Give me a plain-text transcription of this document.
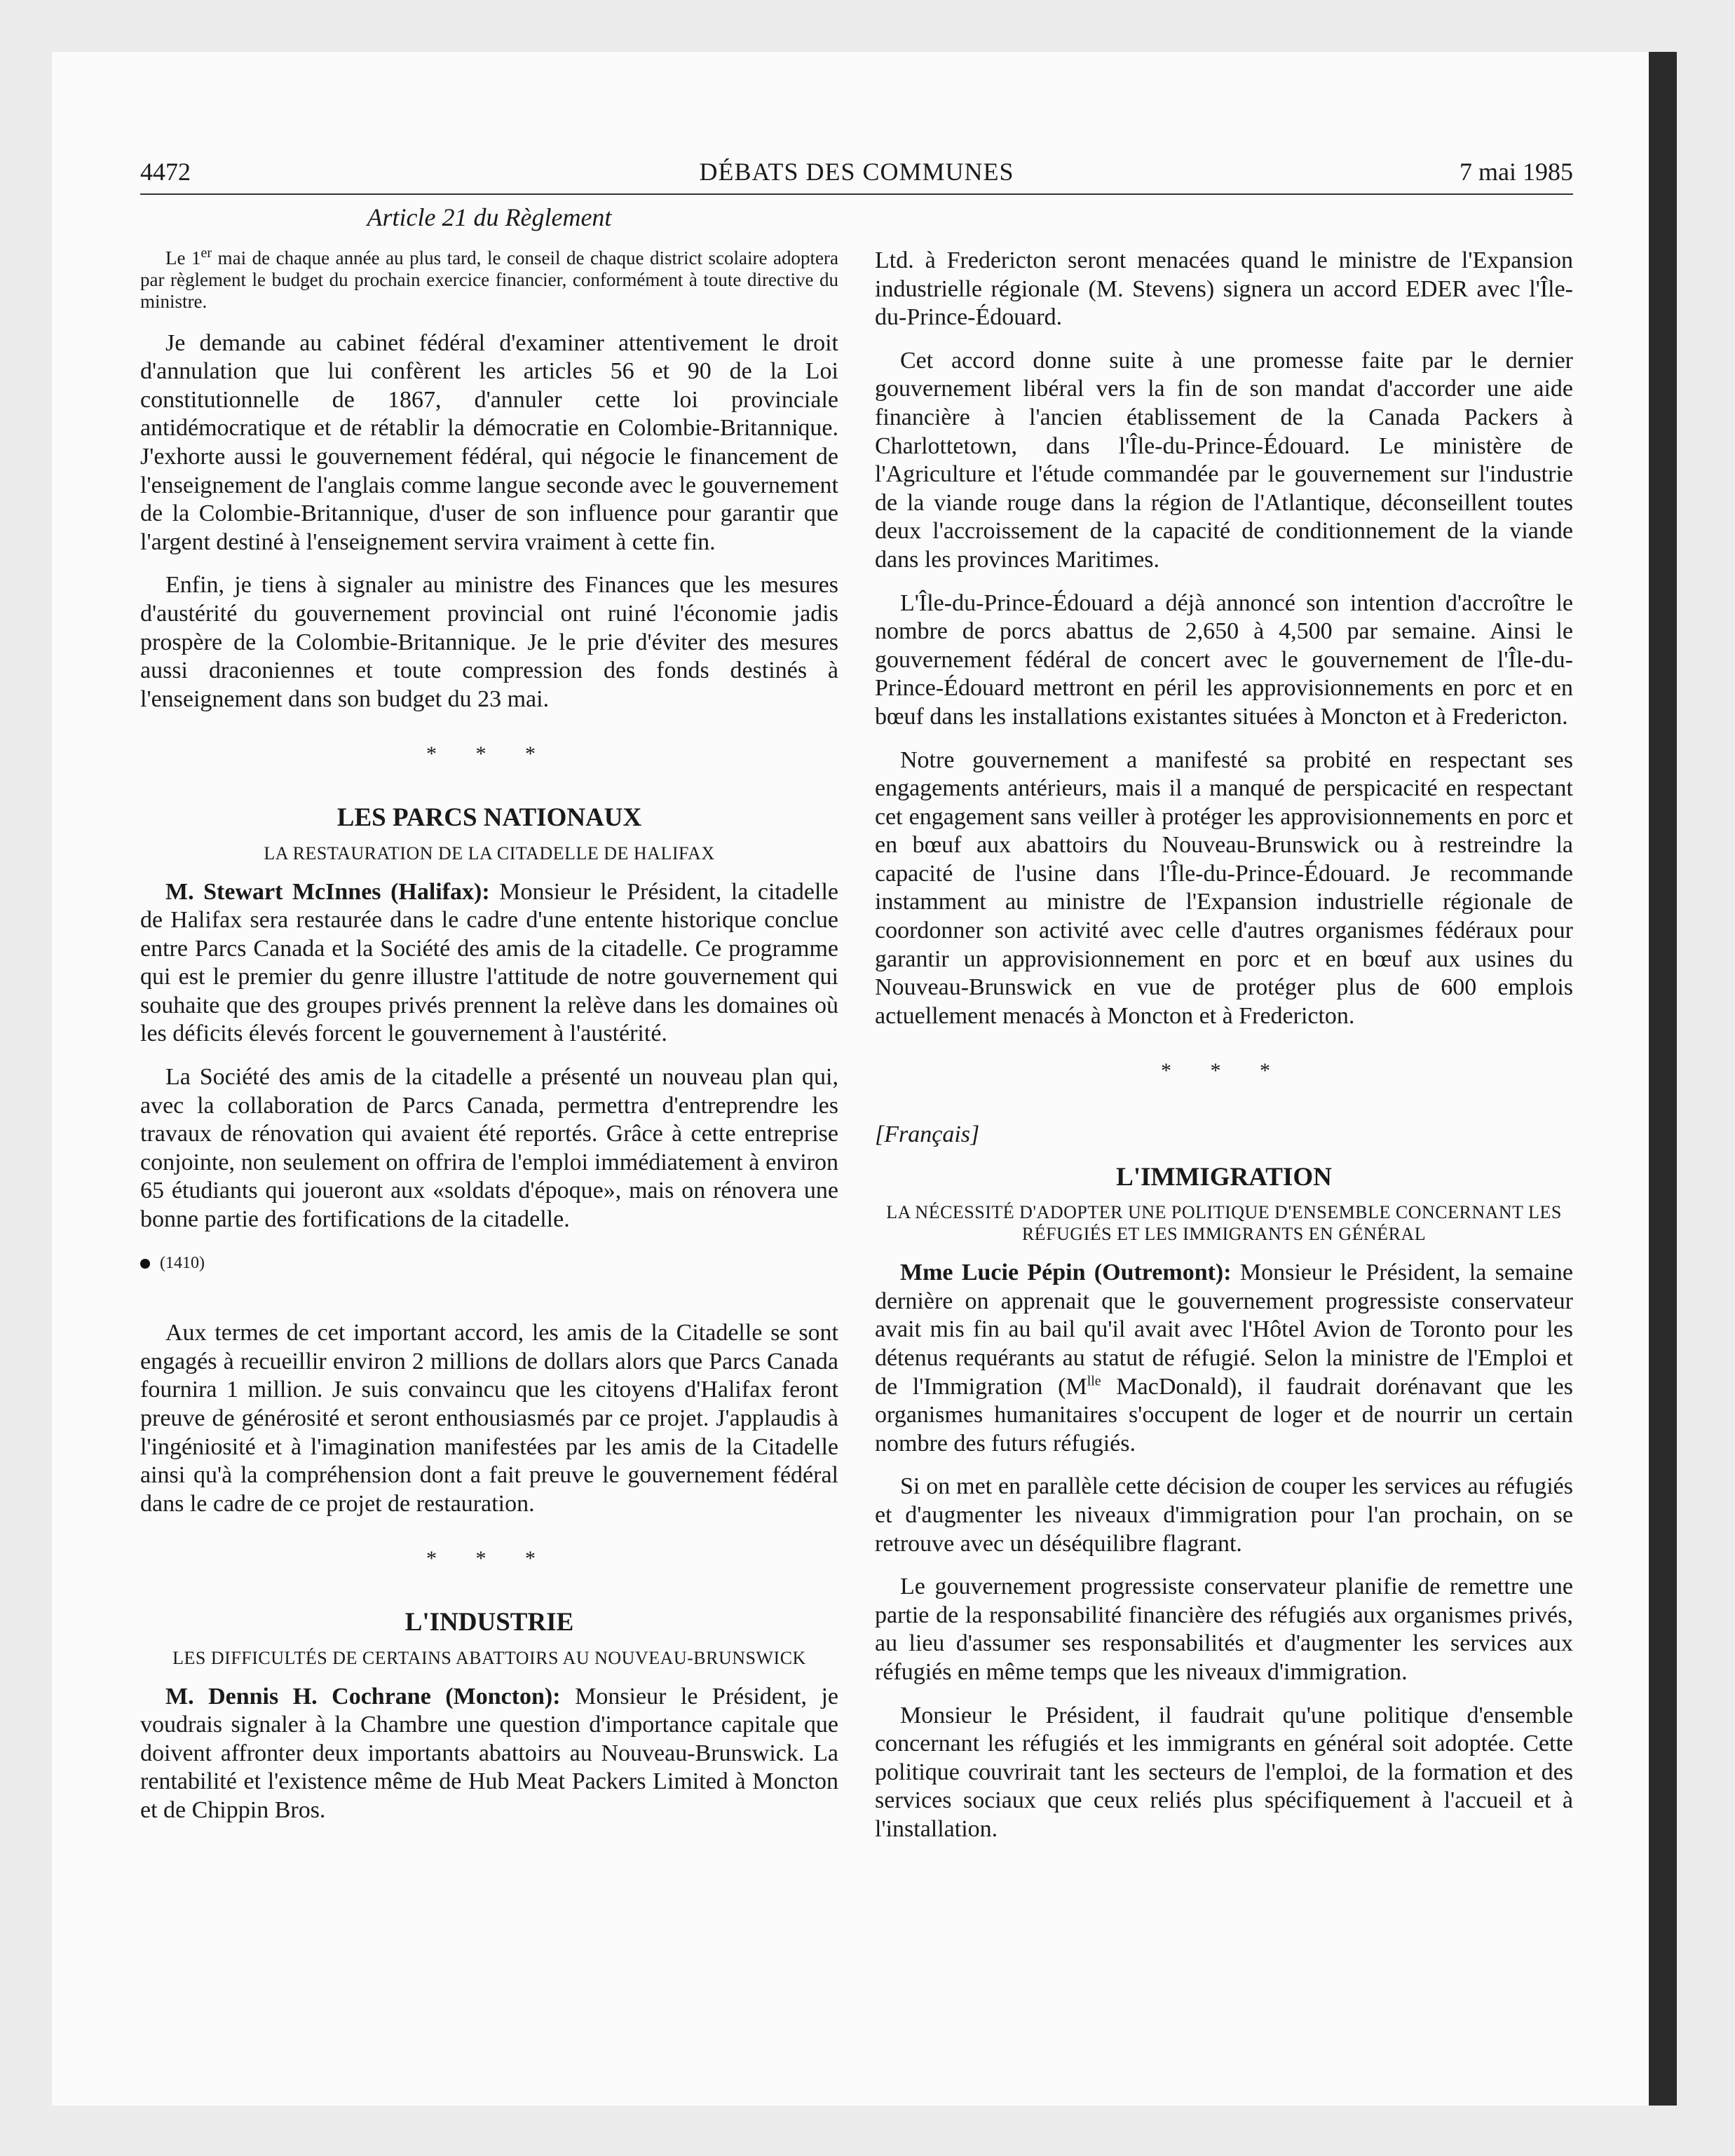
4472	DÉBATS DES COMMUNES	7 mai 1985
Article 21 du Règlement
Le 1er mai de chaque année au plus tard, le conseil de chaque district scolaire adoptera par règlement le budget du prochain exercice financier, conformément à toute directive du ministre.

Je demande au cabinet fédéral d'examiner attentivement le droit d'annulation que lui confèrent les articles 56 et 90 de la Loi constitutionnelle de 1867, d'annuler cette loi provinciale antidémocratique et de rétablir la démocratie en Colombie-Britannique. J'exhorte aussi le gouvernement fédéral, qui négocie le financement de l'enseignement de l'anglais comme langue seconde avec le gouvernement de la Colombie-Britannique, d'user de son influence pour garantir que l'argent destiné à l'enseignement servira vraiment à cette fin.

Enfin, je tiens à signaler au ministre des Finances que les mesures d'austérité du gouvernement provincial ont ruiné l'économie jadis prospère de la Colombie-Britannique. Je le prie d'éviter des mesures aussi draconiennes et toute compression des fonds destinés à l'enseignement dans son budget du 23 mai.

* * *
LES PARCS NATIONAUX
LA RESTAURATION DE LA CITADELLE DE HALIFAX

M. Stewart McInnes (Halifax): Monsieur le Président, la citadelle de Halifax sera restaurée dans le cadre d'une entente historique conclue entre Parcs Canada et la Société des amis de la citadelle. Ce programme qui est le premier du genre illustre l'attitude de notre gouvernement qui souhaite que des groupes privés prennent la relève dans les domaines où les déficits élevés forcent le gouvernement à l'austérité.

La Société des amis de la citadelle a présenté un nouveau plan qui, avec la collaboration de Parcs Canada, permettra d'entreprendre les travaux de rénovation qui avaient été reportés. Grâce à cette entreprise conjointe, non seulement on offrira de l'emploi immédiatement à environ 65 étudiants qui joueront aux «soldats d'époque», mais on rénovera une bonne partie des fortifications de la citadelle.

(1410)

Aux termes de cet important accord, les amis de la Citadelle se sont engagés à recueillir environ 2 millions de dollars alors que Parcs Canada fournira 1 million. Je suis convaincu que les citoyens d'Halifax feront preuve de générosité et seront enthousiasmés par ce projet. J'applaudis à l'ingéniosité et à l'imagination manifestées par les amis de la Citadelle ainsi qu'à la compréhension dont a fait preuve le gouvernement fédéral dans le cadre de ce projet de restauration.

* * *
L'INDUSTRIE
LES DIFFICULTÉS DE CERTAINS ABATTOIRS AU NOUVEAU-BRUNSWICK

M. Dennis H. Cochrane (Moncton): Monsieur le Président, je voudrais signaler à la Chambre une question d'importance capitale que doivent affronter deux importants abattoirs au Nouveau-Brunswick. La rentabilité et l'existence même de Hub Meat Packers Limited à Moncton et de Chippin Bros.

Ltd. à Fredericton seront menacées quand le ministre de l'Expansion industrielle régionale (M. Stevens) signera un accord EDER avec l'Île-du-Prince-Édouard.

Cet accord donne suite à une promesse faite par le dernier gouvernement libéral vers la fin de son mandat d'accorder une aide financière à l'ancien établissement de la Canada Packers à Charlottetown, dans l'Île-du-Prince-Édouard. Le ministère de l'Agriculture et l'étude commandée par le gouvernement sur l'industrie de la viande rouge dans la région de l'Atlantique, déconseillent toutes deux l'accroissement de la capacité de conditionnement de la viande dans les provinces Maritimes.

L'Île-du-Prince-Édouard a déjà annoncé son intention d'accroître le nombre de porcs abattus de 2,650 à 4,500 par semaine. Ainsi le gouvernement fédéral de concert avec le gouvernement de l'Île-du-Prince-Édouard mettront en péril les approvisionnements en porc et en bœuf dans les installations existantes situées à Moncton et à Fredericton.

Notre gouvernement a manifesté sa probité en respectant ses engagements antérieurs, mais il a manqué de perspicacité en respectant cet engagement sans veiller à protéger les approvisionnements en porc et en bœuf aux abattoirs du Nouveau-Brunswick ou à restreindre la capacité de l'usine dans l'Île-du-Prince-Édouard. Je recommande instamment au ministre de l'Expansion industrielle régionale de coordonner son activité avec celle d'autres organismes fédéraux pour garantir un approvisionnement en porc et en bœuf aux usines du Nouveau-Brunswick en vue de protéger plus de 600 emplois actuellement menacés à Moncton et à Fredericton.

* * *
[Français]
L'IMMIGRATION
LA NÉCESSITÉ D'ADOPTER UNE POLITIQUE D'ENSEMBLE CONCERNANT LES RÉFUGIÉS ET LES IMMIGRANTS EN GÉNÉRAL

Mme Lucie Pépin (Outremont): Monsieur le Président, la semaine dernière on apprenait que le gouvernement progressiste conservateur avait mis fin au bail qu'il avait avec l'Hôtel Avion de Toronto pour les détenus requérants au statut de réfugié. Selon la ministre de l'Emploi et de l'Immigration ($M^{lle}$ MacDonald), il faudrait dorénavant que les organismes humanitaires s'occupent de loger et de nourrir un certain nombre des futurs réfugiés.

Si on met en parallèle cette décision de couper les services au réfugiés et d'augmenter les niveaux d'immigration pour l'an prochain, on se retrouve avec un déséquilibre flagrant.

Le gouvernement progressiste conservateur planifie de remettre une partie de la responsabilité financière des réfugiés aux organismes privés, au lieu d'assumer ses responsabilités et d'augmenter les services aux réfugiés en même temps que les niveaux d'immigration.

Monsieur le Président, il faudrait qu'une politique d'ensemble concernant les réfugiés et les immigrants en général soit adoptée. Cette politique couvrirait tant les secteurs de l'emploi, de la formation et des services sociaux que ceux reliés plus spécifiquement à l'accueil et à l'installation.
